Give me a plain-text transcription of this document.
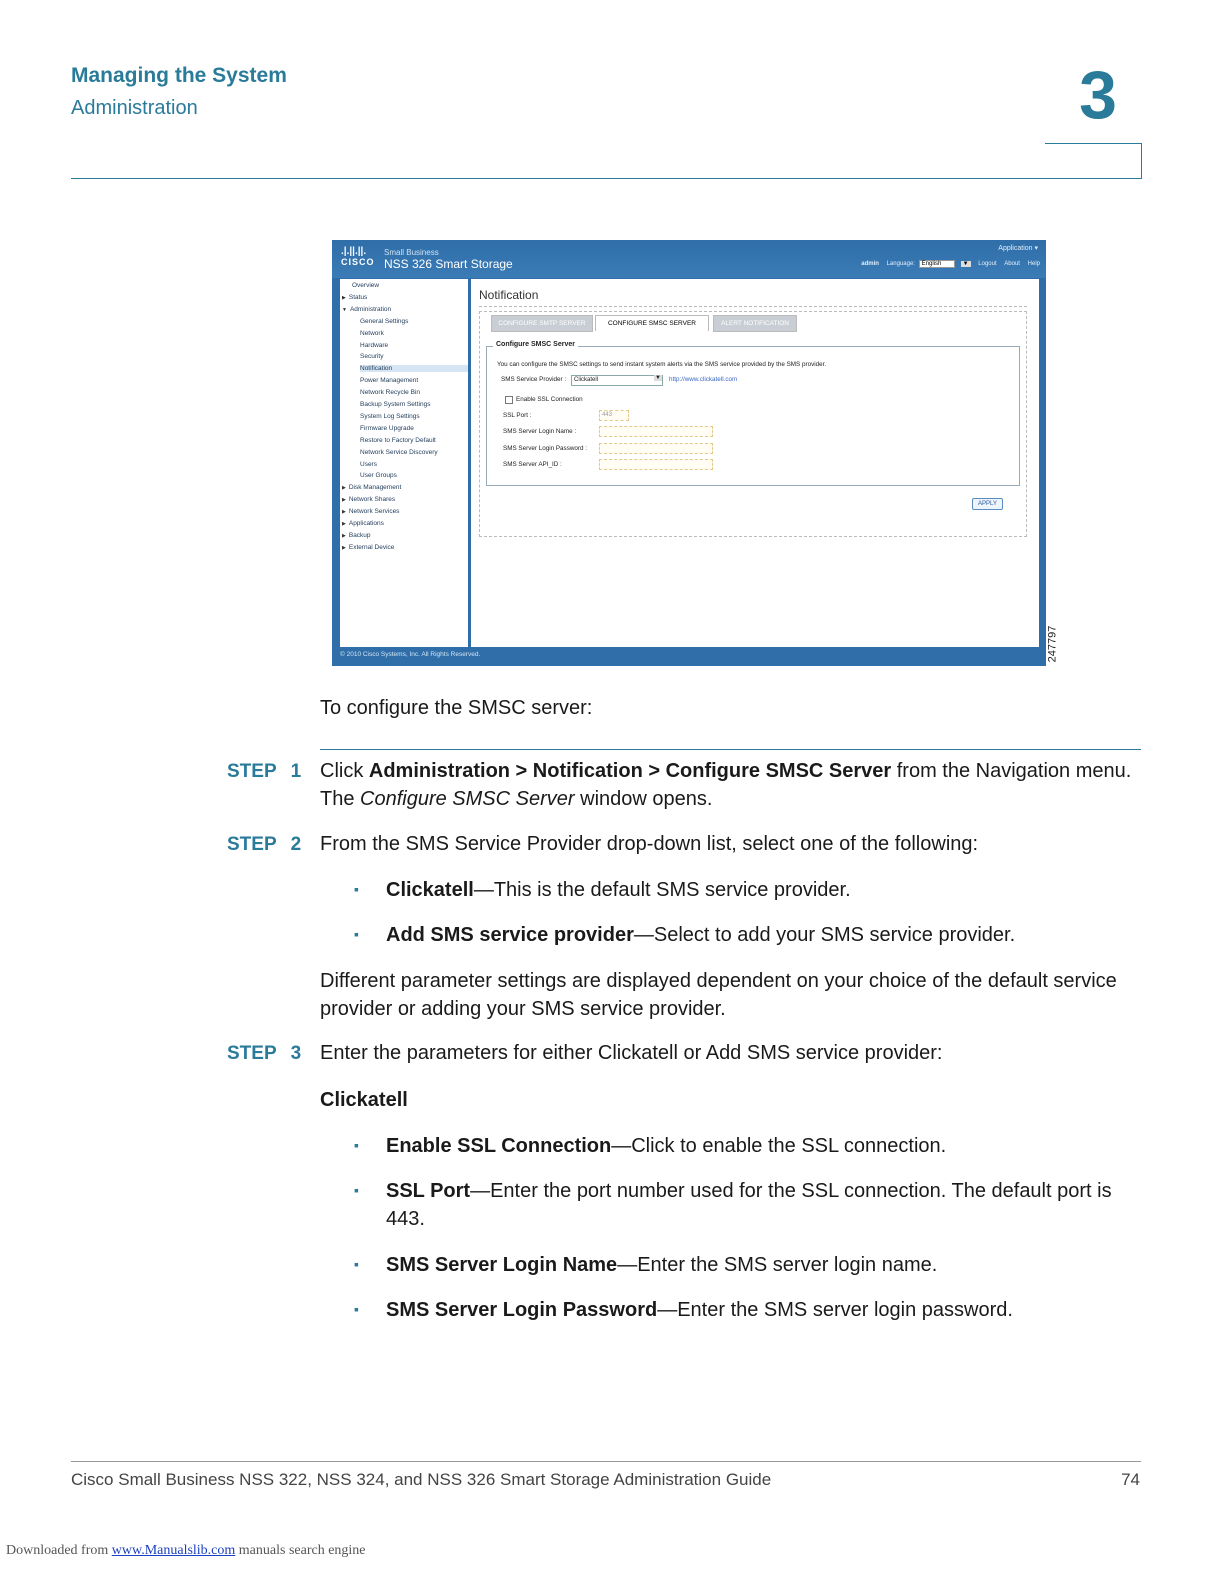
Managing the System
Administration	3
.|.||.||.
CISCO
Small Business
NSS 326 Smart Storage
Application ▾
admin Language: English	▼ Logout About Help
Overview
▶ Status
▼ Administration
General Settings
Network
Hardware
Security
Notification
Power Management
Network Recycle Bin
Backup System Settings
System Log Settings
Firmware Upgrade
Restore to Factory Default
Network Service Discovery
Users
User Groups
▶ Disk Management
▶ Network Shares
▶ Network Services
▶ Applications
▶ Backup
▶ External Device
Notification
CONFIGURE SMTP SERVER	CONFIGURE SMSC SERVER	ALERT NOTIFICATION
Configure SMSC Server
You can configure the SMSC settings to send instant system alerts via the SMS service provided by the SMS provider.
SMS Service Provider :	Clickatell	▼ http://www.clickatell.com
Enable SSL Connection
SSL Port :	443
SMS Server Login Name :
SMS Server Login Password :
SMS Server API_ID :
APPLY
© 2010 Cisco Systems, Inc. All Rights Reserved.	247797
To configure the SMSC server:
STEP 1 Click Administration > Notification > Configure SMSC Server from the Navigation menu. The Configure SMSC Server window opens.
STEP 2 From the SMS Service Provider drop-down list, select one of the following:
▪ Clickatell—This is the default SMS service provider.
▪ Add SMS service provider—Select to add your SMS service provider.
Different parameter settings are displayed dependent on your choice of the default service provider or adding your SMS service provider.
STEP 3 Enter the parameters for either Clickatell or Add SMS service provider:
Clickatell
▪ Enable SSL Connection—Click to enable the SSL connection.
▪ SSL Port—Enter the port number used for the SSL connection. The default port is 443.
▪ SMS Server Login Name—Enter the SMS server login name.
▪ SMS Server Login Password—Enter the SMS server login password.
Cisco Small Business NSS 322, NSS 324, and NSS 326 Smart Storage Administration Guide	74
Downloaded from www.Manualslib.com manuals search engine
